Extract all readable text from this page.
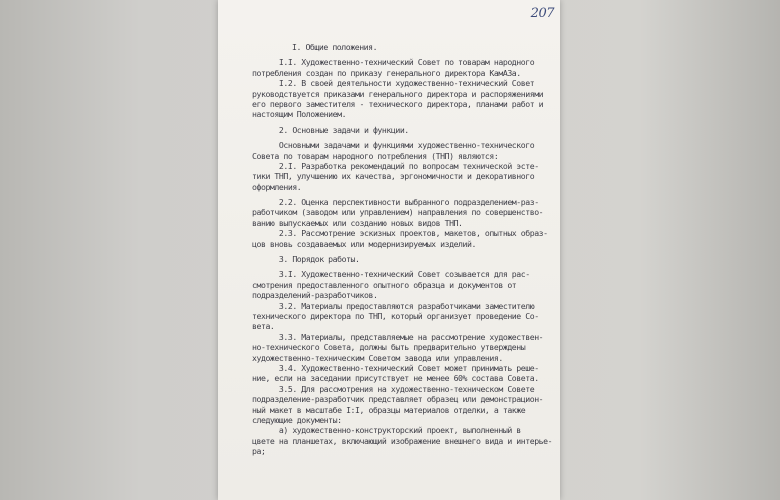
207
I. Общие положения.
I.I. Художественно-технический Совет по товарам народного
потребления создан по приказу генерального директора КамАЗа.
I.2. В своей деятельности художественно-технический Совет
руководствуется приказами генерального директора и распоряжениями
его первого заместителя - технического директора, планами работ и
настоящим Положением.
2. Основные задачи и функции.
Основными задачами и функциями художественно-технического
Совета по товарам народного потребления (ТНП) являются:
2.I. Разработка рекомендаций по вопросам технической эсте-
тики ТНП, улучшению их качества, эргономичности и декоративного
оформления.
2.2. Оценка перспективности выбранного подразделением-раз-
работчиком (заводом или управлением) направления по совершенство-
ванию выпускаемых или созданию новых видов ТНП.
2.3. Рассмотрение эскизных проектов, макетов, опытных образ-
цов вновь создаваемых или модернизируемых изделий.
3. Порядок работы.
3.I. Художественно-технический Совет созывается для рас-
смотрения предоставленного опытного образца и документов от
подразделений-разработчиков.
3.2. Материалы предоставляются разработчиками заместителю
технического директора по ТНП, который организует проведение Со-
вета.
3.3. Материалы, представляемые на рассмотрение художествен-
но-технического Совета, должны быть предварительно утверждены
художественно-техническим Советом завода или управления.
3.4. Художественно-технический Совет может принимать реше-
ние, если на заседании присутствует не менее 60% состава Совета.
3.5. Для рассмотрения на художественно-техническом Совете
подразделение-разработчик представляет образец или демонстрацион-
ный макет в масштабе I:I, образцы материалов отделки, а также
следующие документы:
а) художественно-конструкторский проект, выполненный в
цвете на планшетах, включающий изображение внешнего вида и интерье-
ра;
